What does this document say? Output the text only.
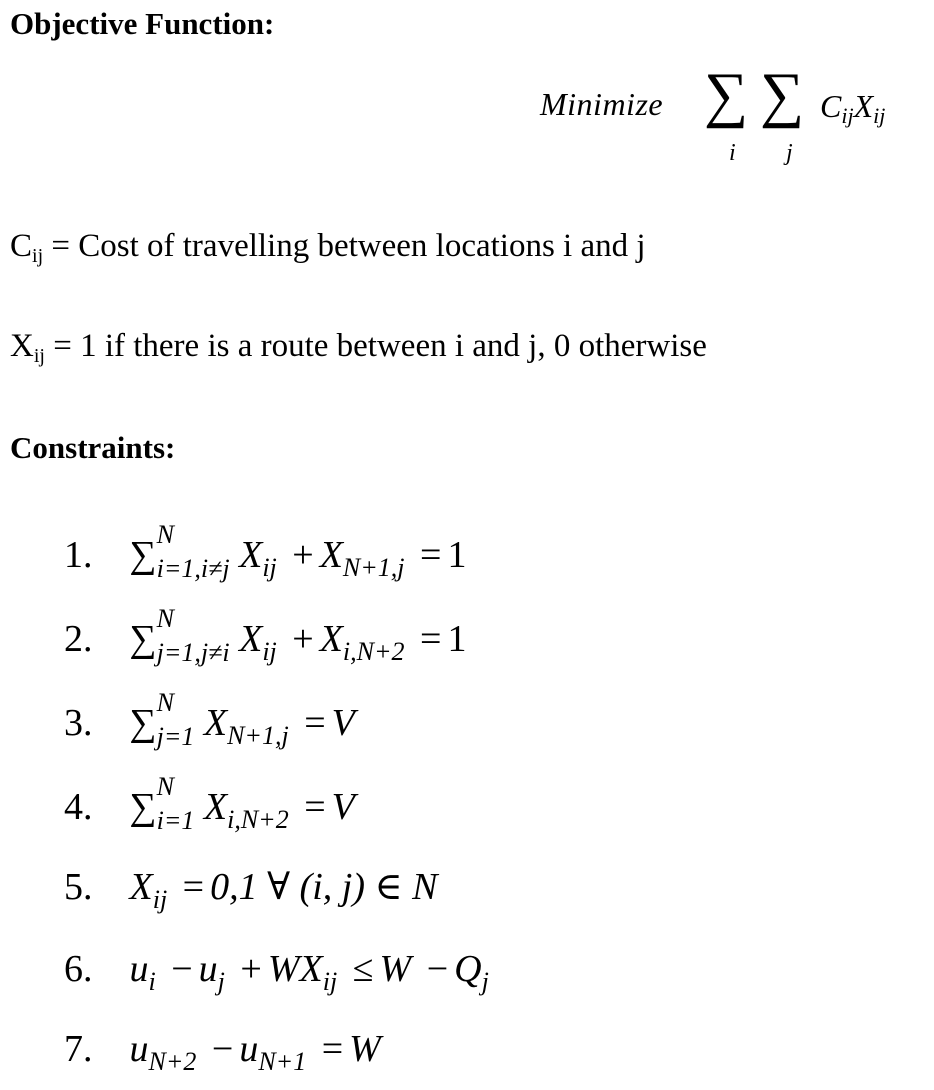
Objective Function:
Minimize ∑ ∑
i j
$C_{ij}X_{ij}$

$C_{ij}$ = Cost of travelling between locations i and j

$X_{ij} = 1$ if there is a route between i and j, 0 otherwise

Constraints:
1. ∑ N
i=1,i≠j $X_{ij} + X_{N+1,j} = 1$
2. ∑ N
j=1,j≠i $X_{ij} + X_{i,N+2} = 1$
3. ∑ N
j=1 $X_{N+1,j} = V$
4. ∑ N
i=1 $X_{i,N+2} = V$
5. $X_{ij} = 0,1$ ∀ (i, j) ∈ N
6. $u_i - u_j + WX_{ij} \le W - Q_j$
7. $u_{N+2} - u_{N+1} = W$
